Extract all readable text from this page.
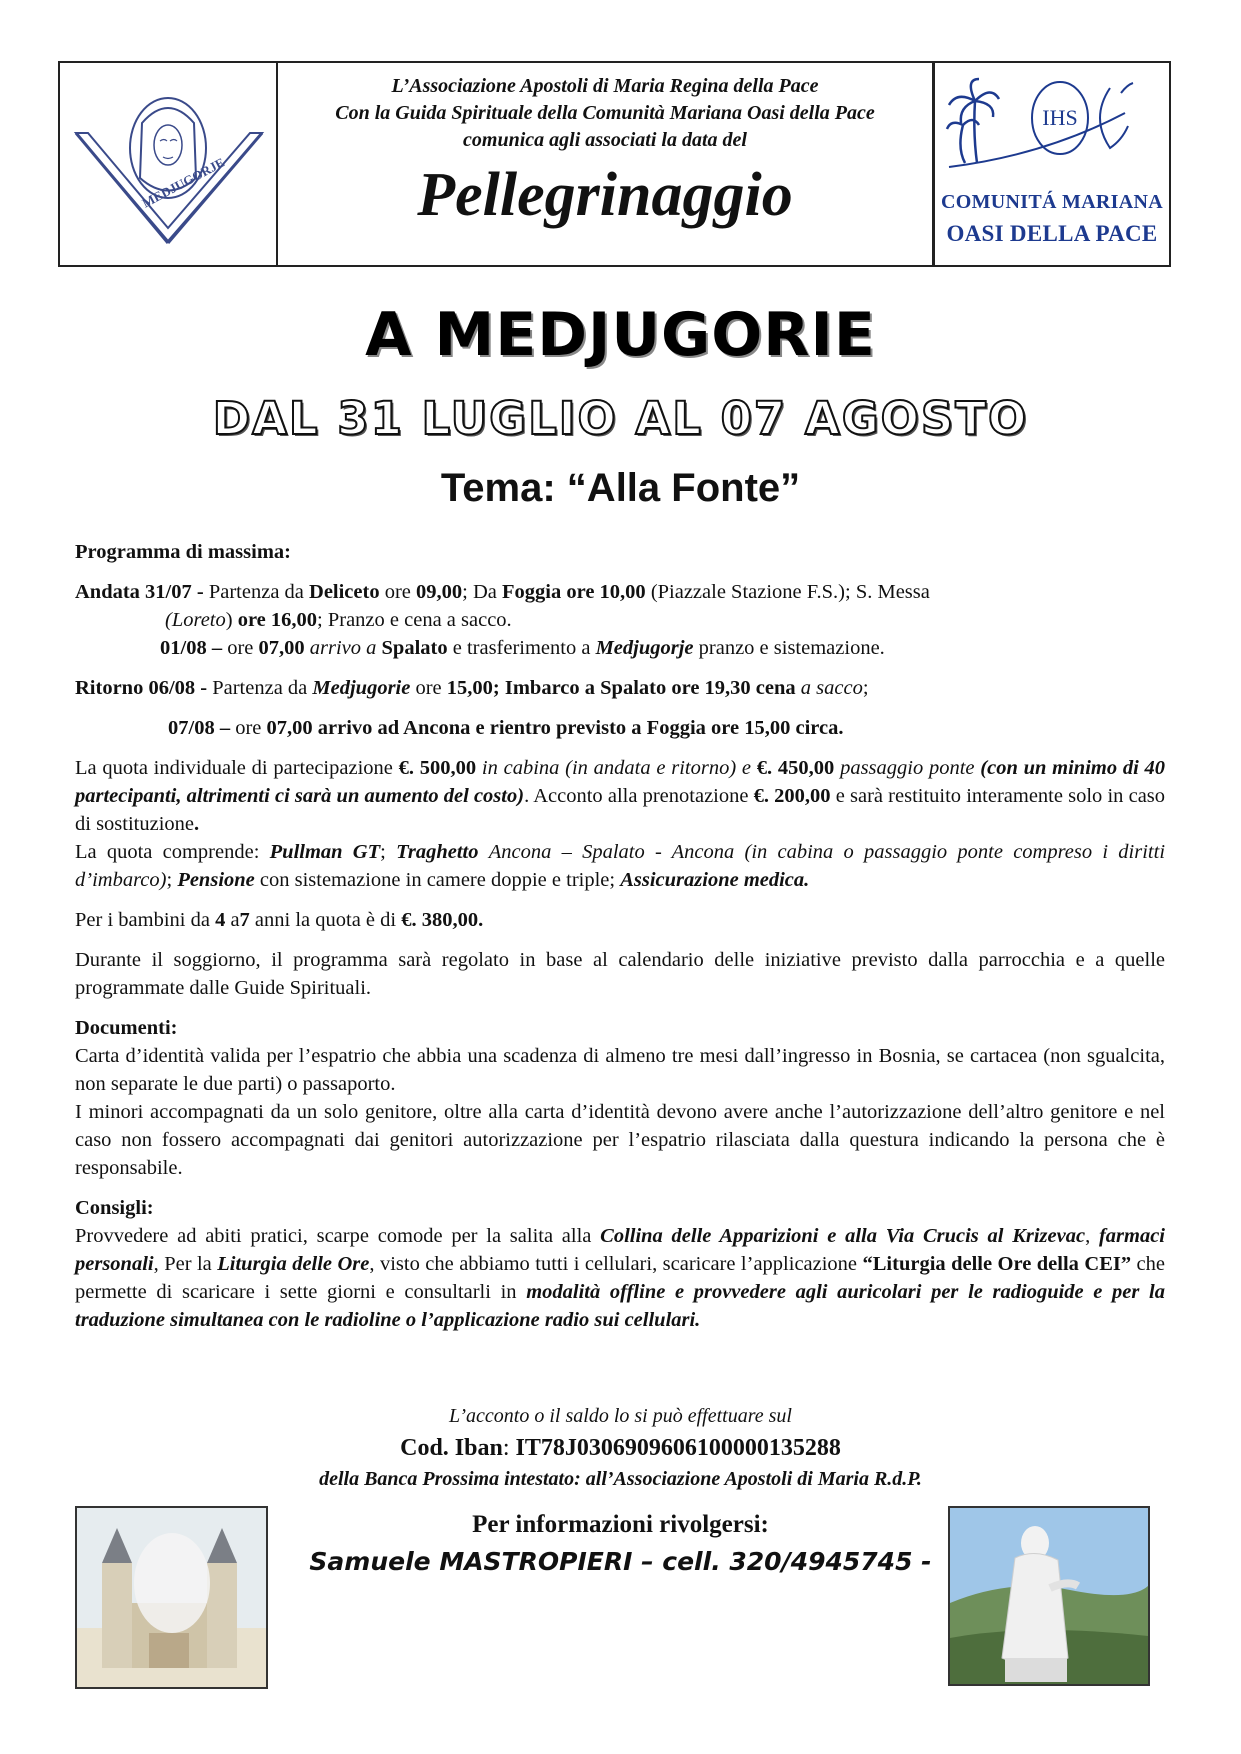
MEDJUGORJE
L’Associazione Apostoli di Maria Regina della Pace
Con la Guida Spirituale della Comunità Mariana Oasi della Pace
comunica agli associati la data del
Pellegrinaggio
IHS
COMUNITÁ MARIANA
OASI DELLA PACE
A MEDJUGORIE
DAL 31 LUGLIO AL 07 AGOSTO
Tema: “Alla Fonte”

Programma di massima:

Andata 31/07 - Partenza da Deliceto ore 09,00; Da Foggia ore 10,00 (Piazzale Stazione F.S.); S. Messa

(Loreto) ore 16,00; Pranzo e cena a sacco.

01/08 – ore 07,00 arrivo a Spalato e trasferimento a Medjugorje pranzo e sistemazione.

Ritorno 06/08 - Partenza da Medjugorie ore 15,00; Imbarco a Spalato ore 19,30 cena a sacco;

07/08 – ore 07,00 arrivo ad Ancona e rientro previsto a Foggia ore 15,00 circa.

La quota individuale di partecipazione €. 500,00 in cabina (in andata e ritorno) e €. 450,00 passaggio ponte (con un minimo di 40 partecipanti, altrimenti ci sarà un aumento del costo). Acconto alla prenotazione €. 200,00 e sarà restituito interamente solo in caso di sostituzione.

La quota comprende: Pullman GT; Traghetto Ancona – Spalato - Ancona (in cabina o passaggio ponte compreso i diritti d’imbarco); Pensione con sistemazione in camere doppie e triple; Assicurazione medica.

Per i bambini da 4 a7 anni la quota è di €. 380,00.

Durante il soggiorno, il programma sarà regolato in base al calendario delle iniziative previsto dalla parrocchia e a quelle programmate dalle Guide Spirituali.

Documenti:

Carta d’identità valida per l’espatrio che abbia una scadenza di almeno tre mesi dall’ingresso in Bosnia, se cartacea (non sgualcita, non separate le due parti) o passaporto.

I minori accompagnati da un solo genitore, oltre alla carta d’identità devono avere anche l’autorizzazione dell’altro genitore e nel caso non fossero accompagnati dai genitori autorizzazione per l’espatrio rilasciata dalla questura indicando la persona che è responsabile.

Consigli:

Provvedere ad abiti pratici, scarpe comode per la salita alla Collina delle Apparizioni e alla Via Crucis al Krizevac, farmaci personali, Per la Liturgia delle Ore, visto che abbiamo tutti i cellulari, scaricare l’applicazione “Liturgia delle Ore della CEI” che permette di scaricare i sette giorni e consultarli in modalità offline e provvedere agli auricolari per le radioguide e per la traduzione simultanea con le radioline o l’applicazione radio sui cellulari.

L’acconto o il saldo lo si può effettuare sul
Cod. Iban: IT78J0306909606100000135288
della Banca Prossima intestato: all’Associazione Apostoli di Maria R.d.P.
Per informazioni rivolgersi:
Samuele MASTROPIERI – cell. 320/4945745 -
